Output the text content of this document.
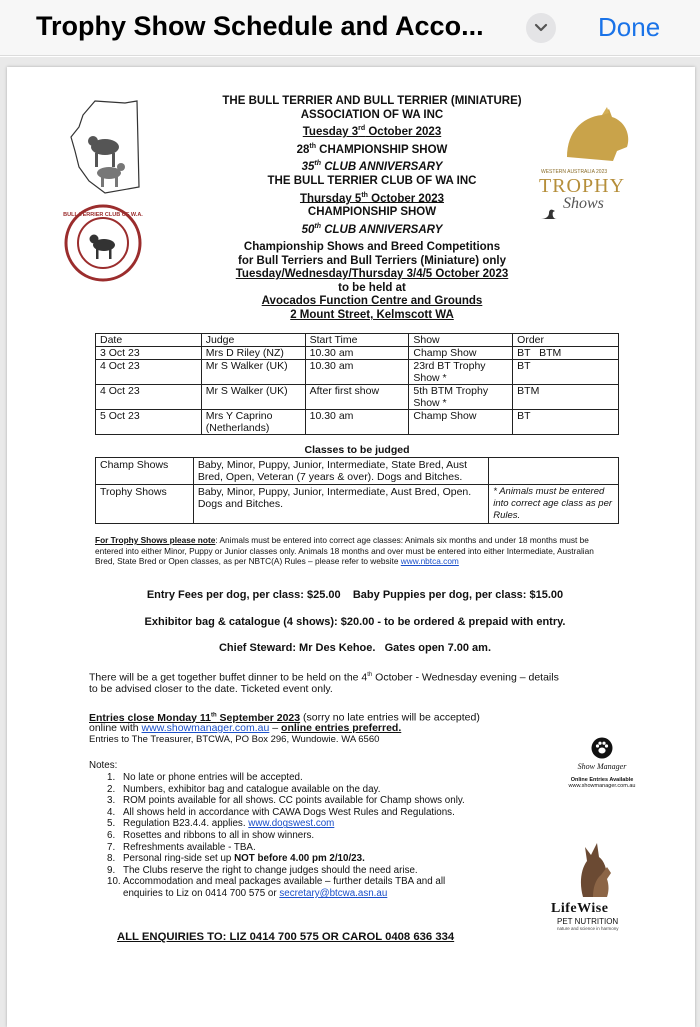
Trophy Show Schedule and Acco...	Done
BULL TERRIER CLUB OF W.A.
WESTERN AUSTRALIA 2023
TROPHY
Shows
THE BULL TERRIER AND BULL TERRIER (MINIATURE)
ASSOCIATION OF WA INC
Tuesday 3rd October 2023
28th CHAMPIONSHIP SHOW
35th CLUB ANNIVERSARY
THE BULL TERRIER CLUB OF WA INC
Thursday 5th October 2023
CHAMPIONSHIP SHOW
50th CLUB ANNIVERSARY
Championship Shows and Breed Competitions
for Bull Terriers and Bull Terriers (Miniature) only
Tuesday/Wednesday/Thursday 3/4/5 October 2023
to be held at
Avocados Function Centre and Grounds
2 Mount Street, Kelmscott WA
Date	Judge	Start Time	Show	Order
3 Oct 23	Mrs D Riley (NZ)	10.30 am	Champ Show	BT   BTM
4 Oct 23	Mr S Walker (UK)	10.30 am	23rd BT Trophy Show *	BT
4 Oct 23	Mr S Walker (UK)	After first show	5th BTM Trophy Show *	BTM
5 Oct 23	Mrs Y Caprino (Netherlands)	10.30 am	Champ Show	BT
Classes to be judged
Champ Shows	Baby, Minor, Puppy, Junior, Intermediate, State Bred, Aust Bred, Open, Veteran (7 years & over). Dogs and Bitches.	
Trophy Shows	Baby, Minor, Puppy, Junior, Intermediate, Aust Bred, Open. Dogs and Bitches.	* Animals must be entered into correct age class as per Rules.
For Trophy Shows please note: Animals must be entered into correct age classes: Animals six months and under 18 months must be entered into either Minor, Puppy or Junior classes only. Animals 18 months and over must be entered into either Intermediate, Australian Bred, State Bred or Open classes, as per NBTC(A) Rules – please refer to website www.nbtca.com
Entry Fees per dog, per class: $25.00 Baby Puppies per dog, per class: $15.00
Exhibitor bag & catalogue (4 shows): $20.00 - to be ordered & prepaid with entry.
Chief Steward: Mr Des Kehoe. Gates open 7.00 am.
There will be a get together buffet dinner to be held on the 4th October - Wednesday evening – details
to be advised closer to the date. Ticketed event only.
Entries close Monday 11th September 2023 (sorry no late entries will be accepted)
online with www.showmanager.com.au – online entries preferred.
Entries to The Treasurer, BTCWA, PO Box 296, Wundowie. WA 6560
Notes:
1. No late or phone entries will be accepted.
2. Numbers, exhibitor bag and catalogue available on the day.
3. ROM points available for all shows. CC points available for Champ shows only.
4. All shows held in accordance with CAWA Dogs West Rules and Regulations.
5. Regulation B23.4.4. applies. www.dogswest.com
6. Rosettes and ribbons to all in show winners.
7. Refreshments available - TBA.
8. Personal ring-side set up NOT before 4.00 pm 2/10/23.
9. The Clubs reserve the right to change judges should the need arise.
10. Accommodation and meal packages available – further details TBA and all
enquiries to Liz on 0414 700 575 or secretary@btcwa.asn.au
Show Manager
Online Entries Available
www.showmanager.com.au
LifeWise
PET NUTRITION
nature and science in harmony
ALL ENQUIRIES TO: LIZ 0414 700 575 OR CAROL 0408 636 334
